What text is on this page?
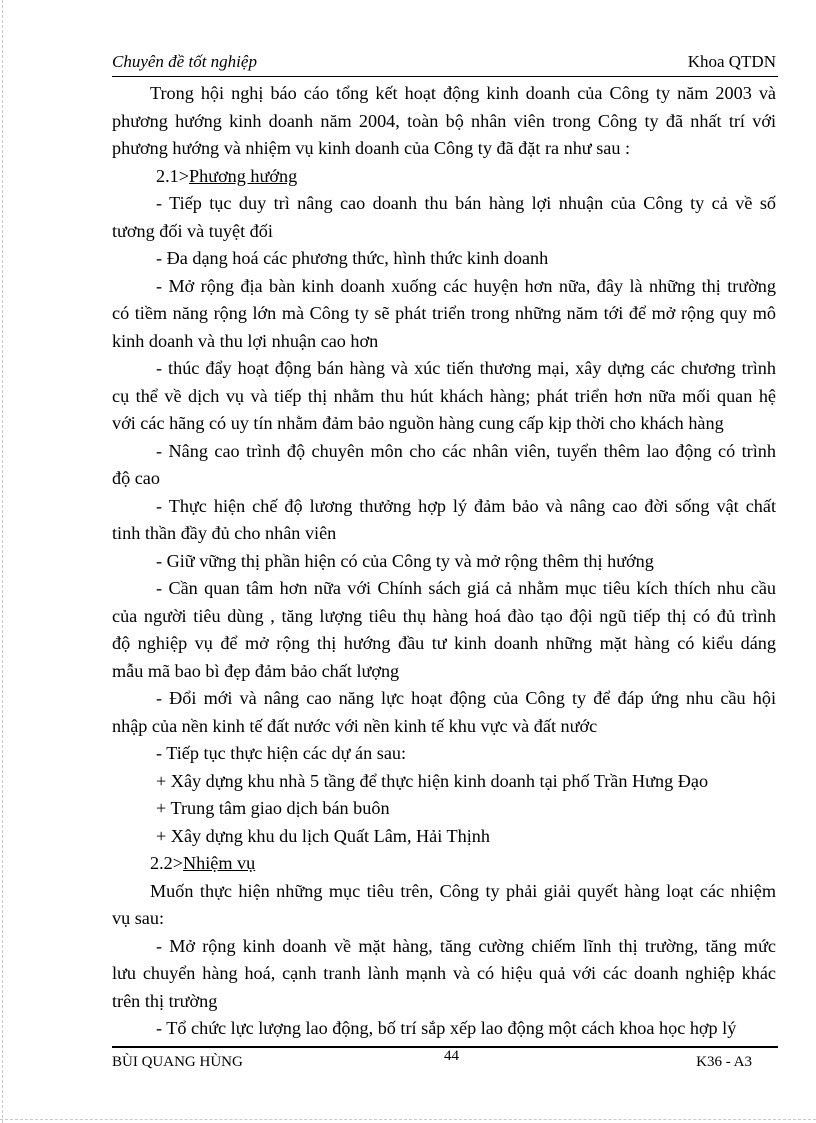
Chuyên đề tốt nghiệp	Khoa QTDN
Trong hội nghị báo cáo tổng kết hoạt động kinh doanh của Công ty năm 2003 và
phương hướng kinh doanh năm 2004, toàn bộ nhân viên trong Công ty đã nhất trí với
phương hướng và nhiệm vụ kinh doanh của Công ty đã đặt ra như sau :
2.1>Phương hướng
- Tiếp tục duy trì nâng cao doanh thu bán hàng lợi nhuận của Công ty cả về số
tương đối và tuyệt đối
- Đa dạng hoá các phương thức, hình thức kinh doanh
- Mở rộng địa bàn kinh doanh xuống các huyện hơn nữa, đây là những thị trường
có tiềm năng rộng lớn mà Công ty sẽ phát triển trong những năm tới để mở rộng quy mô
kinh doanh và thu lợi nhuận cao hơn
- thúc đẩy hoạt động bán hàng và xúc tiến thương mại, xây dựng các chương trình
cụ thể về dịch vụ và tiếp thị nhằm thu hút khách hàng; phát triển hơn nữa mối quan hệ
với các hãng có uy tín nhằm đảm bảo nguồn hàng cung cấp kịp thời cho khách hàng
- Nâng cao trình độ chuyên môn cho các nhân viên, tuyển thêm lao động có trình
độ cao
- Thực hiện chế độ lương thưởng hợp lý đảm bảo và nâng cao đời sống vật chất
tinh thần đầy đủ cho nhân viên
- Giữ vững thị phần hiện có của Công ty và mở rộng thêm thị hướng
- Cần quan tâm hơn nữa với Chính sách giá cả nhằm mục tiêu kích thích nhu cầu
của người tiêu dùng , tăng lượng tiêu thụ hàng hoá đào tạo đội ngũ tiếp thị có đủ trình
độ nghiệp vụ để mở rộng thị hướng đầu tư kinh doanh những mặt hàng có kiểu dáng
mẫu mã bao bì đẹp đảm bảo chất lượng
- Đổi mới và nâng cao năng lực hoạt động của Công ty để đáp ứng nhu cầu hội
nhập của nền kinh tế đất nước với nền kinh tế khu vực và đất nước
- Tiếp tục thực hiện các dự án sau:
+ Xây dựng khu nhà 5 tầng để thực hiện kinh doanh tại phố Trần Hưng Đạo
+ Trung tâm giao dịch bán buôn
+ Xây dựng khu du lịch Quất Lâm, Hải Thịnh
2.2>Nhiệm vụ
Muốn thực hiện những mục tiêu trên, Công ty phải giải quyết hàng loạt các nhiệm
vụ sau:
- Mở rộng kinh doanh về mặt hàng, tăng cường chiếm lĩnh thị trường, tăng mức
lưu chuyển hàng hoá, cạnh tranh lành mạnh và có hiệu quả với các doanh nghiệp khác
trên thị trường
- Tổ chức lực lượng lao động, bố trí sắp xếp lao động một cách khoa học hợp lý
BÙI QUANG HÙNG	44	K36 - A3
